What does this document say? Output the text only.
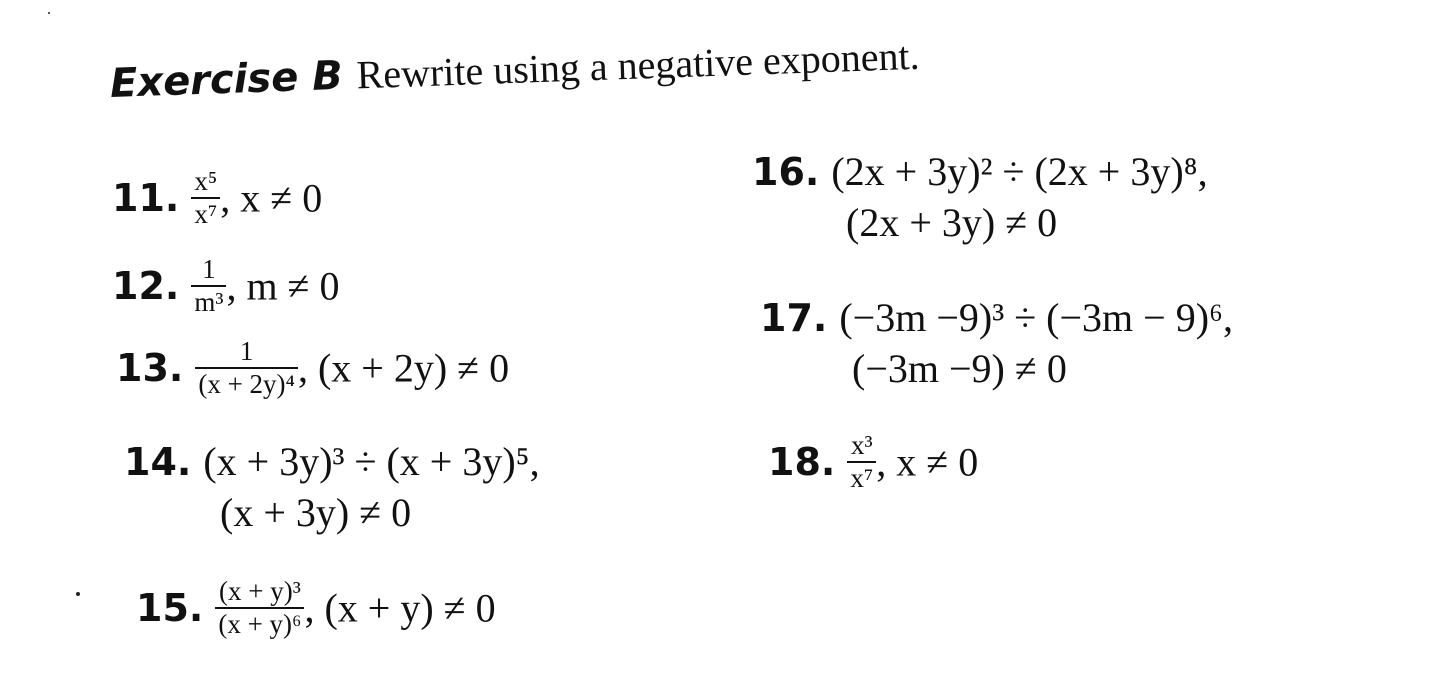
Exercise B Rewrite using a negative exponent.
11. $\frac{\text{x⁵}}{\text{x⁷}}$ , x ≠ 0
12. $\frac{1}{\text{m³}}$ , m ≠ 0
13. $\frac{1}{\text{(x + 2y)⁴}}$ , (x + 2y) ≠ 0
14. (x + 3y)³ ÷ (x + 3y)⁵,
(x + 3y) ≠ 0
15. $\frac{\text{(x + y)³}}{\text{(x + y)⁶}}$ , (x + y) ≠ 0
16. (2x + 3y)² ÷ (2x + 3y)⁸,
(2x + 3y) ≠ 0
17. (−3m −9)³ ÷ (−3m − 9)⁶,
(−3m −9) ≠ 0
18. $\frac{\text{x³}}{\text{x⁷}}$ , x ≠ 0
